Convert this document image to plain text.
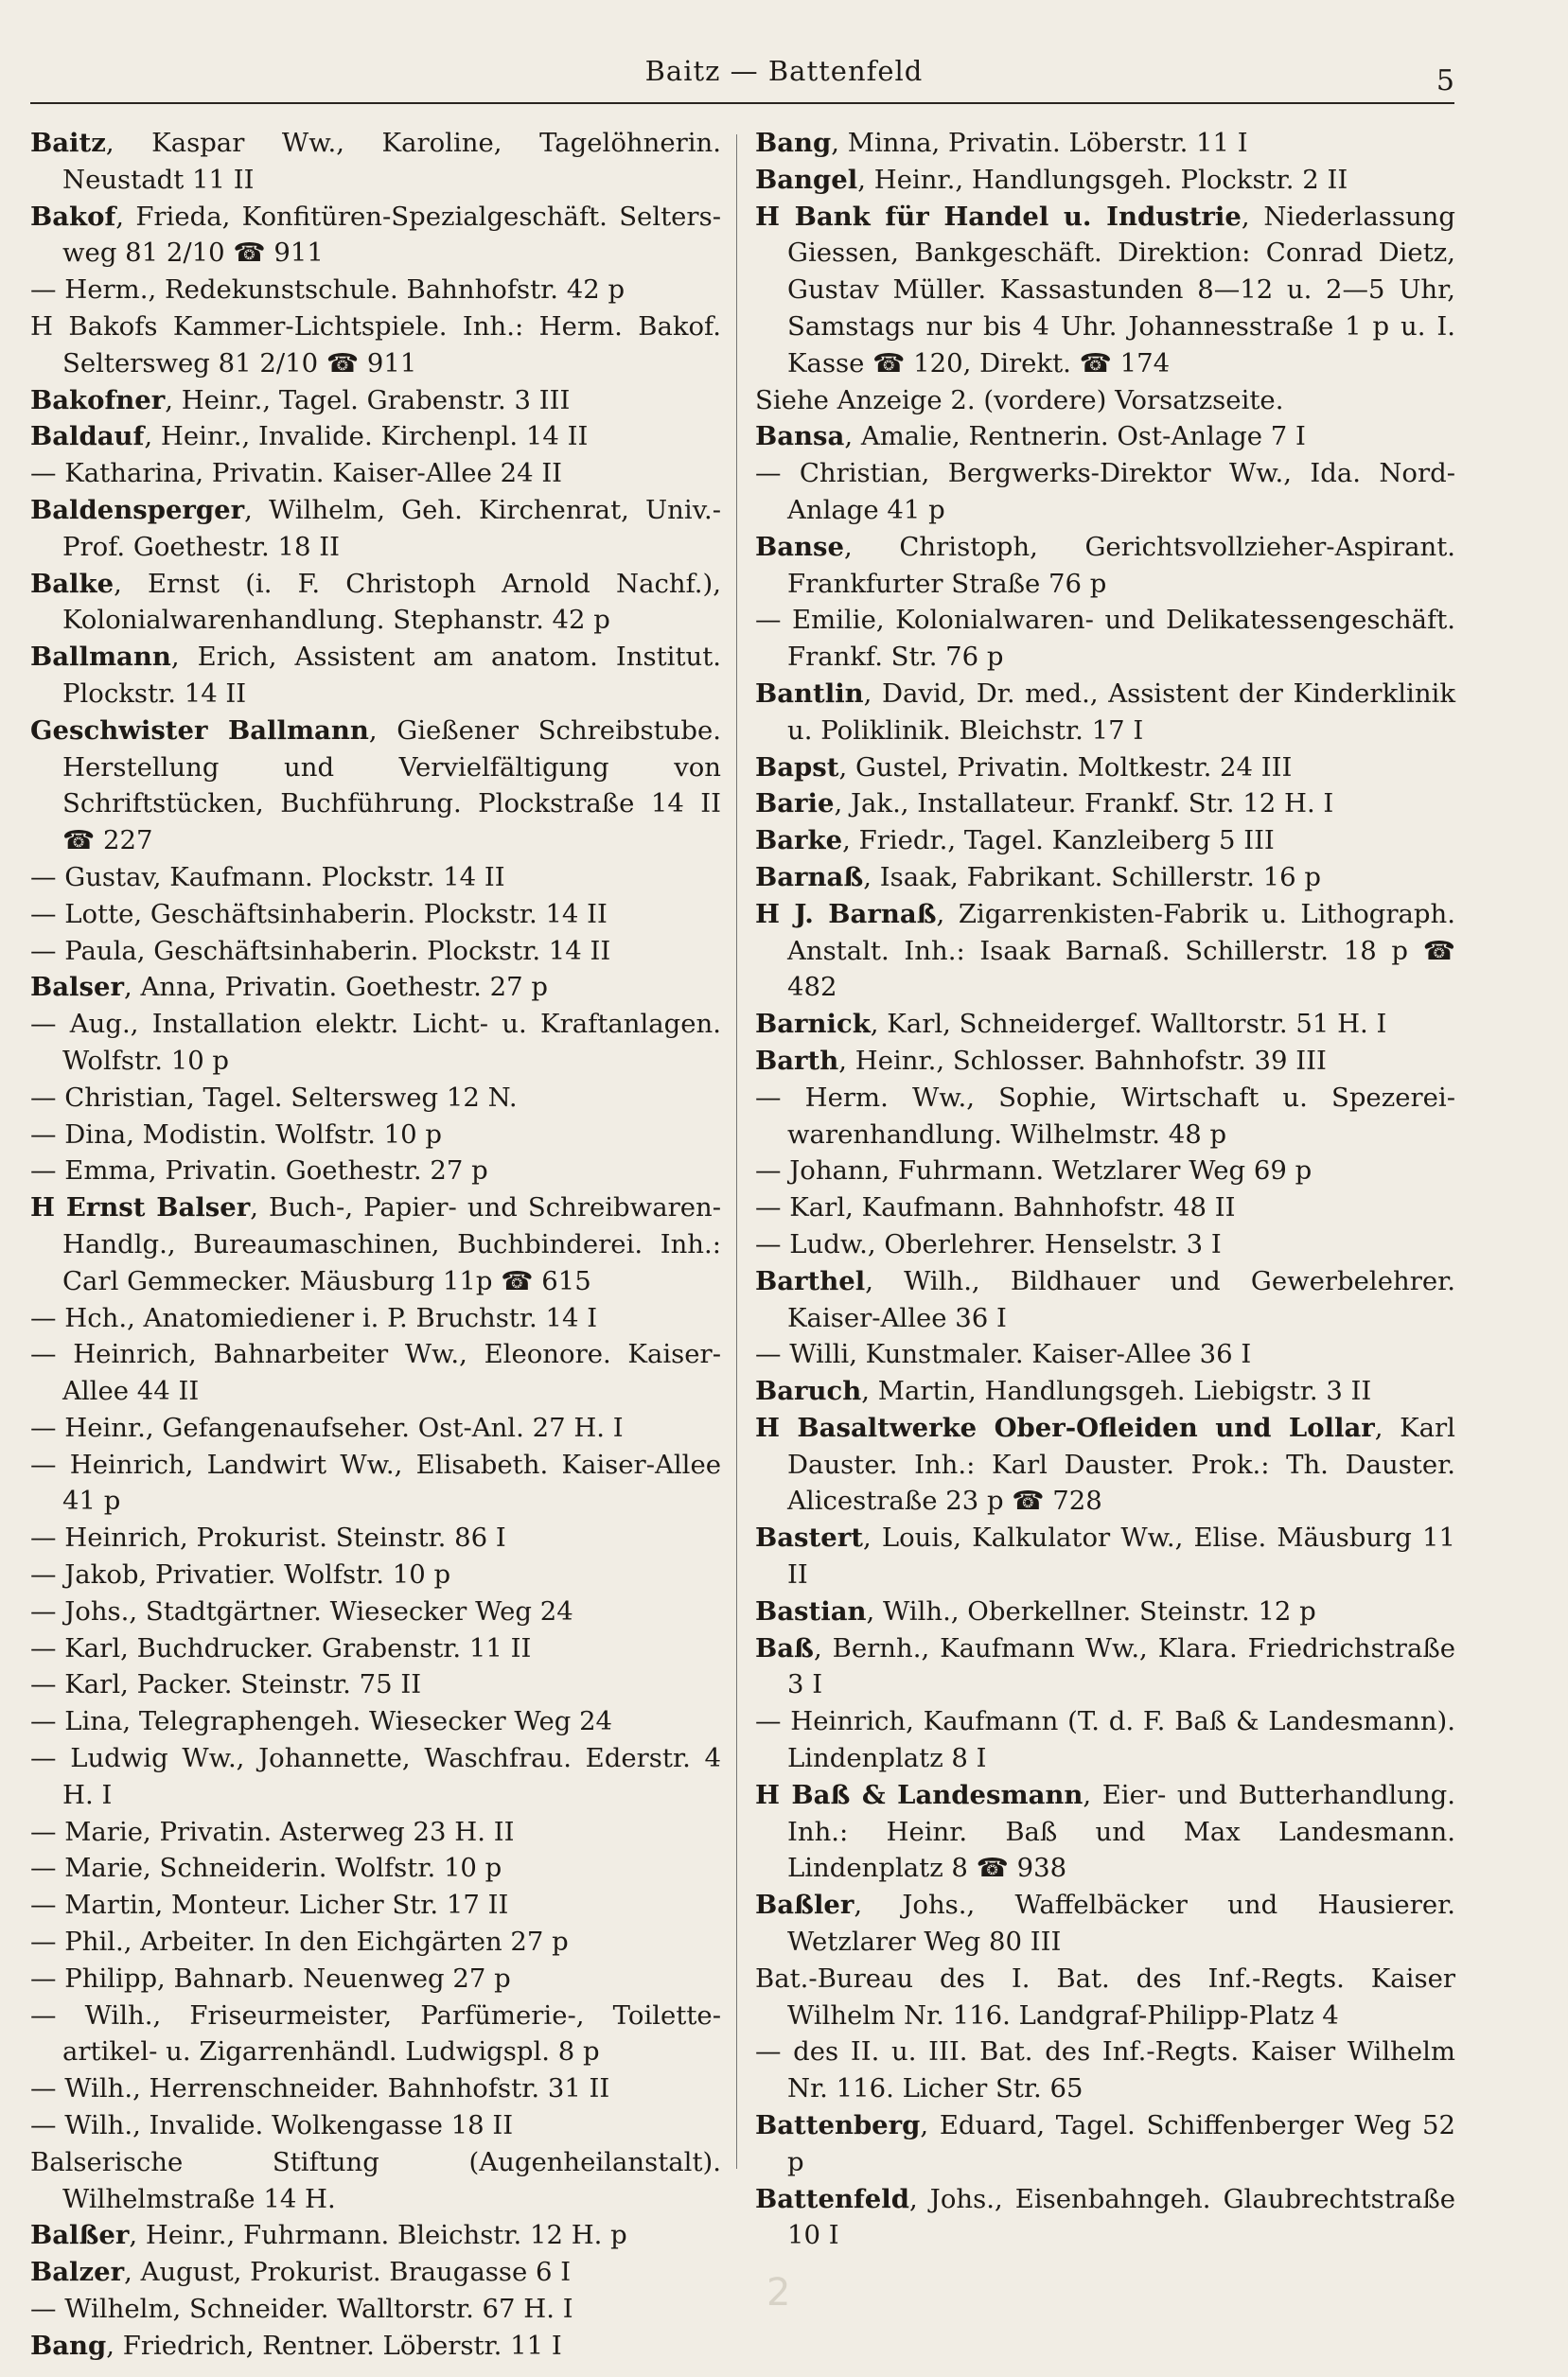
Baitz — Battenfeld	5

Baitz, Kaspar Ww., Karoline, Tagelöhnerin. Neustadt 11 II

Bakof, Frieda, Konfitüren-Spezialgeschäft. Seltersweg 81 2/10 ☎ 911

— Herm., Redekunstschule. Bahnhofstr. 42 p

H Bakofs Kammer-Lichtspiele. Inh.: Herm. Bakof. Seltersweg 81 2/10 ☎ 911

Bakofner, Heinr., Tagel. Grabenstr. 3 III

Baldauf, Heinr., Invalide. Kirchenpl. 14 II

— Katharina, Privatin. Kaiser-Allee 24 II

Baldensperger, Wilhelm, Geh. Kirchenrat, Univ.-Prof. Goethestr. 18 II

Balke, Ernst (i. F. Christoph Arnold Nachf.), Kolonialwarenhandlung. Stephanstr. 42 p

Ballmann, Erich, Assistent am anatom. Institut. Plockstr. 14 II

Geschwister Ballmann, Gießener Schreibstube. Herstellung und Vervielfältigung von Schriftstücken, Buchführung. Plockstraße 14 II ☎ 227

— Gustav, Kaufmann. Plockstr. 14 II

— Lotte, Geschäftsinhaberin. Plockstr. 14 II

— Paula, Geschäftsinhaberin. Plockstr. 14 II

Balser, Anna, Privatin. Goethestr. 27 p

— Aug., Installation elektr. Licht- u. Kraftanlagen. Wolfstr. 10 p

— Christian, Tagel. Seltersweg 12 N.

— Dina, Modistin. Wolfstr. 10 p

— Emma, Privatin. Goethestr. 27 p

H Ernst Balser, Buch-, Papier- und Schreibwaren-Handlg., Bureaumaschinen, Buchbinderei. Inh.: Carl Gemmecker. Mäusburg 11p ☎ 615

— Hch., Anatomiediener i. P. Bruchstr. 14 I

— Heinrich, Bahnarbeiter Ww., Eleonore. Kaiser-Allee 44 II

— Heinr., Gefangenaufseher. Ost-Anl. 27 H. I

— Heinrich, Landwirt Ww., Elisabeth. Kaiser-Allee 41 p

— Heinrich, Prokurist. Steinstr. 86 I

— Jakob, Privatier. Wolfstr. 10 p

— Johs., Stadtgärtner. Wiesecker Weg 24

— Karl, Buchdrucker. Grabenstr. 11 II

— Karl, Packer. Steinstr. 75 II

— Lina, Telegraphengeh. Wiesecker Weg 24

— Ludwig Ww., Johannette, Waschfrau. Ederstr. 4 H. I

— Marie, Privatin. Asterweg 23 H. II

— Marie, Schneiderin. Wolfstr. 10 p

— Martin, Monteur. Licher Str. 17 II

— Phil., Arbeiter. In den Eichgärten 27 p

— Philipp, Bahnarb. Neuenweg 27 p

— Wilh., Friseurmeister, Parfümerie-, Toiletteartikel- u. Zigarrenhändl. Ludwigspl. 8 p

— Wilh., Herrenschneider. Bahnhofstr. 31 II

— Wilh., Invalide. Wolkengasse 18 II

Balserische Stiftung (Augenheilanstalt). Wilhelmstraße 14 H.

Balßer, Heinr., Fuhrmann. Bleichstr. 12 H. p

Balzer, August, Prokurist. Braugasse 6 I

— Wilhelm, Schneider. Walltorstr. 67 H. I

Bang, Friedrich, Rentner. Löberstr. 11 I

Bang, Minna, Privatin. Löberstr. 11 I

Bangel, Heinr., Handlungsgeh. Plockstr. 2 II

H Bank für Handel u. Industrie, Niederlassung Giessen, Bankgeschäft. Direktion: Conrad Dietz, Gustav Müller. Kassastunden 8—12 u. 2—5 Uhr, Samstags nur bis 4 Uhr. Johannesstraße 1 p u. I. Kasse ☎ 120, Direkt. ☎ 174

Siehe Anzeige 2. (vordere) Vorsatzseite.

Bansa, Amalie, Rentnerin. Ost-Anlage 7 I

— Christian, Bergwerks-Direktor Ww., Ida. Nord-Anlage 41 p

Banse, Christoph, Gerichtsvollzieher-Aspirant. Frankfurter Straße 76 p

— Emilie, Kolonialwaren- und Delikatessengeschäft. Frankf. Str. 76 p

Bantlin, David, Dr. med., Assistent der Kinderklinik u. Poliklinik. Bleichstr. 17 I

Bapst, Gustel, Privatin. Moltkestr. 24 III

Barie, Jak., Installateur. Frankf. Str. 12 H. I

Barke, Friedr., Tagel. Kanzleiberg 5 III

Barnaß, Isaak, Fabrikant. Schillerstr. 16 p

H J. Barnaß, Zigarrenkisten-Fabrik u. Lithograph. Anstalt. Inh.: Isaak Barnaß. Schillerstr. 18 p ☎ 482

Barnick, Karl, Schneidergef. Walltorstr. 51 H. I

Barth, Heinr., Schlosser. Bahnhofstr. 39 III

— Herm. Ww., Sophie, Wirtschaft u. Spezereiwarenhandlung. Wilhelmstr. 48 p

— Johann, Fuhrmann. Wetzlarer Weg 69 p

— Karl, Kaufmann. Bahnhofstr. 48 II

— Ludw., Oberlehrer. Henselstr. 3 I

Barthel, Wilh., Bildhauer und Gewerbelehrer. Kaiser-Allee 36 I

— Willi, Kunstmaler. Kaiser-Allee 36 I

Baruch, Martin, Handlungsgeh. Liebigstr. 3 II

H Basaltwerke Ober-Ofleiden und Lollar, Karl Dauster. Inh.: Karl Dauster. Prok.: Th. Dauster. Alicestraße 23 p ☎ 728

Bastert, Louis, Kalkulator Ww., Elise. Mäusburg 11 II

Bastian, Wilh., Oberkellner. Steinstr. 12 p

Baß, Bernh., Kaufmann Ww., Klara. Friedrichstraße 3 I

— Heinrich, Kaufmann (T. d. F. Baß & Landesmann). Lindenplatz 8 I

H Baß & Landesmann, Eier- und Butterhandlung. Inh.: Heinr. Baß und Max Landesmann. Lindenplatz 8 ☎ 938

Baßler, Johs., Waffelbäcker und Hausierer. Wetzlarer Weg 80 III

Bat.-Bureau des I. Bat. des Inf.-Regts. Kaiser Wilhelm Nr. 116. Landgraf-Philipp-Platz 4

— des II. u. III. Bat. des Inf.-Regts. Kaiser Wilhelm Nr. 116. Licher Str. 65

Battenberg, Eduard, Tagel. Schiffenberger Weg 52 p

Battenfeld, Johs., Eisenbahngeh. Glaubrechtstraße 10 I

2
